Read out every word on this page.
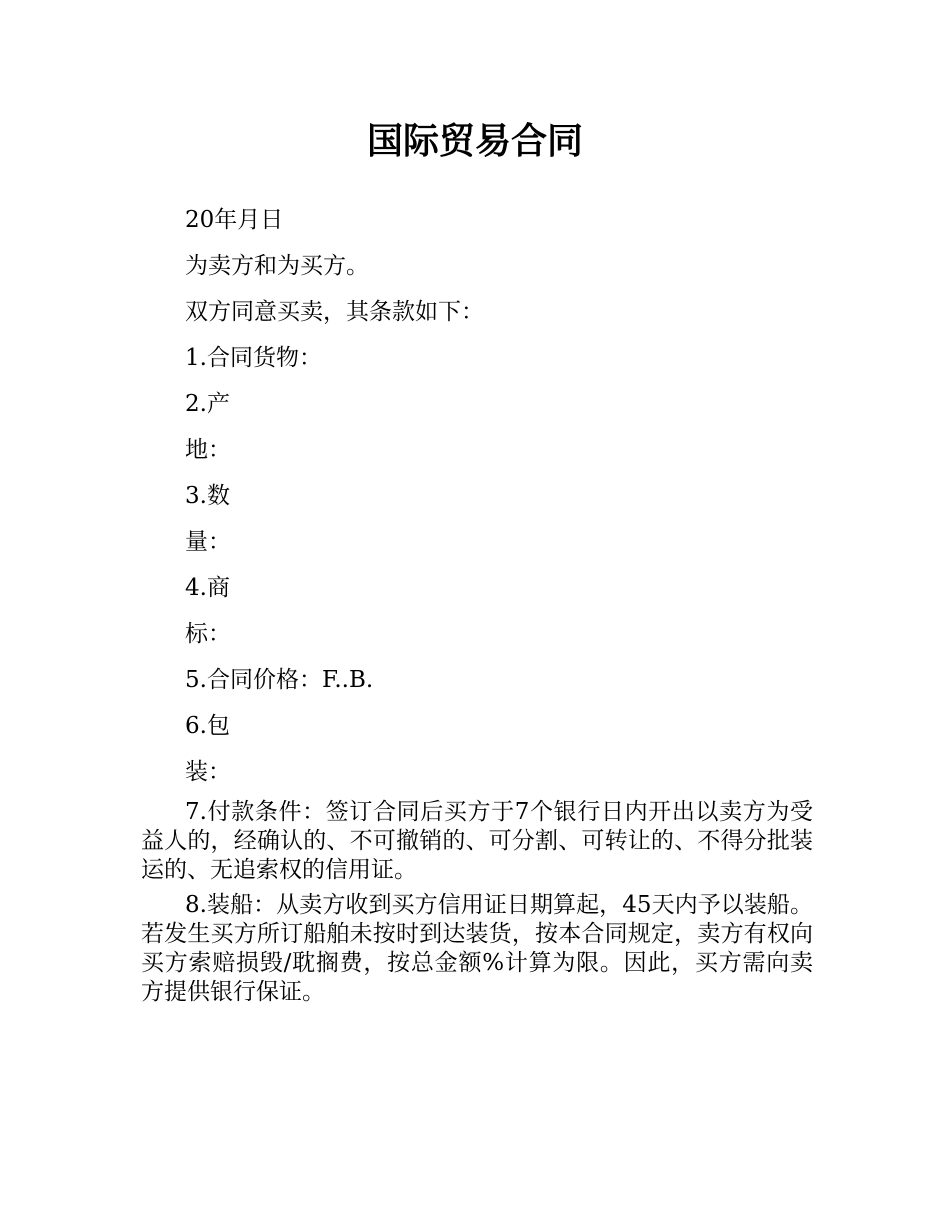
国际贸易合同

20年月日

为卖方和为买方。

双方同意买卖，其条款如下：

1.合同货物：

2.产

地：

3.数

量：

4.商

标：

5.合同价格：F..B.

6.包

装：

7.付款条件：签订合同后买方于7个银行日内开出以卖方为受益人的，经确认的、不可撤销的、可分割、可转让的、不得分批装运的、无追索权的信用证。

8.装船：从卖方收到买方信用证日期算起，45天内予以装船。若发生买方所订船舶未按时到达装货，按本合同规定，卖方有权向买方索赔损毁/耽搁费，按总金额%计算为限。因此，买方需向卖方提供银行保证。
